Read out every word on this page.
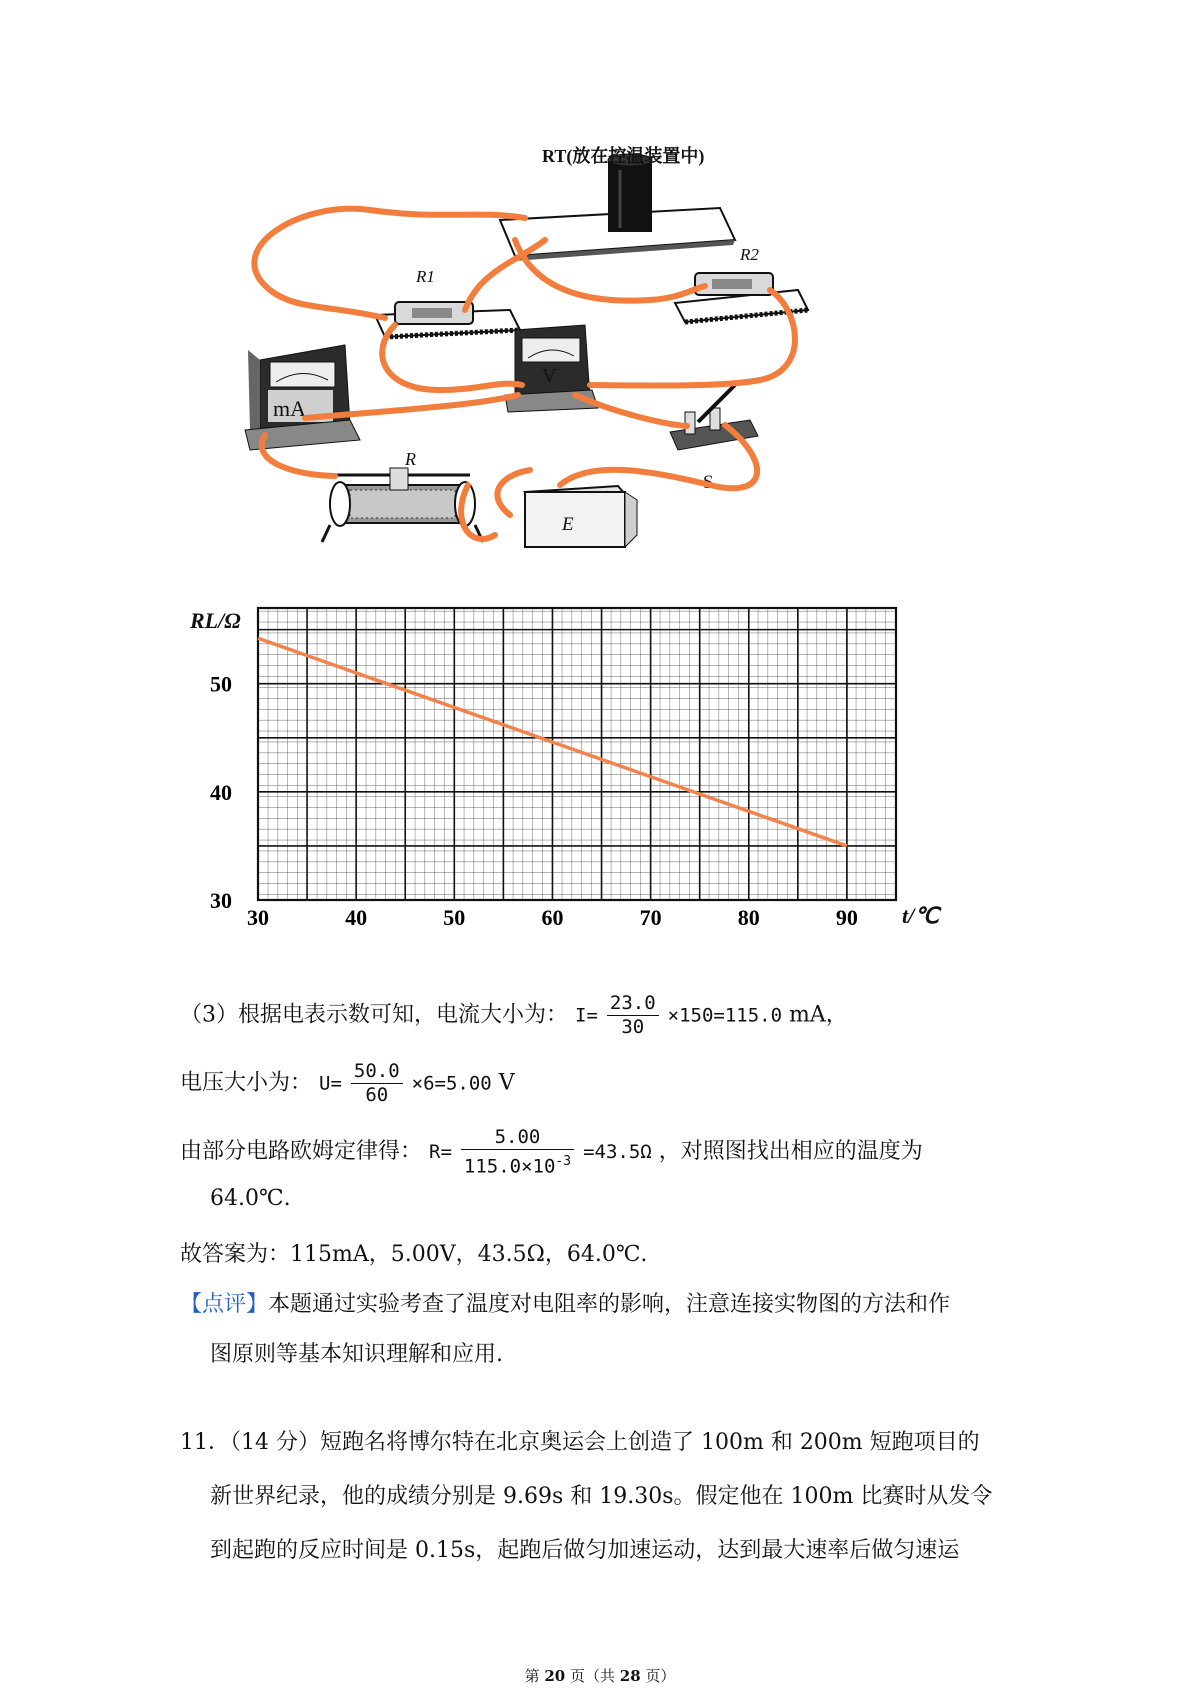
RT(放在控温装置中)
R1
R2
mA
V
S
R
E
30	40	50	60	70	80	90
30
40
50
RL/Ω
t/℃
（3）根据电表示数可知，电流大小为： $I= \frac{23.0}{30} \times 150=115.0$ mA，
电压大小为： $U= \frac{50.0}{60} \times 6=5.00$ V
由部分电路欧姆定律得： $R= \frac{5.00}{115.0\times 10^{-3}} =43.5\Omega$ ，对照图找出相应的温度为
64.0℃.
故答案为：115mA，5.00V，43.5Ω，64.0℃.
【点评】本题通过实验考查了温度对电阻率的影响，注意连接实物图的方法和作
图原则等基本知识理解和应用.
11．（14 分）短跑名将博尔特在北京奥运会上创造了 100m 和 200m 短跑项目的
新世界纪录，他的成绩分别是 9.69s 和 19.30s。假定他在 100m 比赛时从发令
到起跑的反应时间是 0.15s，起跑后做匀加速运动，达到最大速率后做匀速运
第 20 页（共 28 页）
